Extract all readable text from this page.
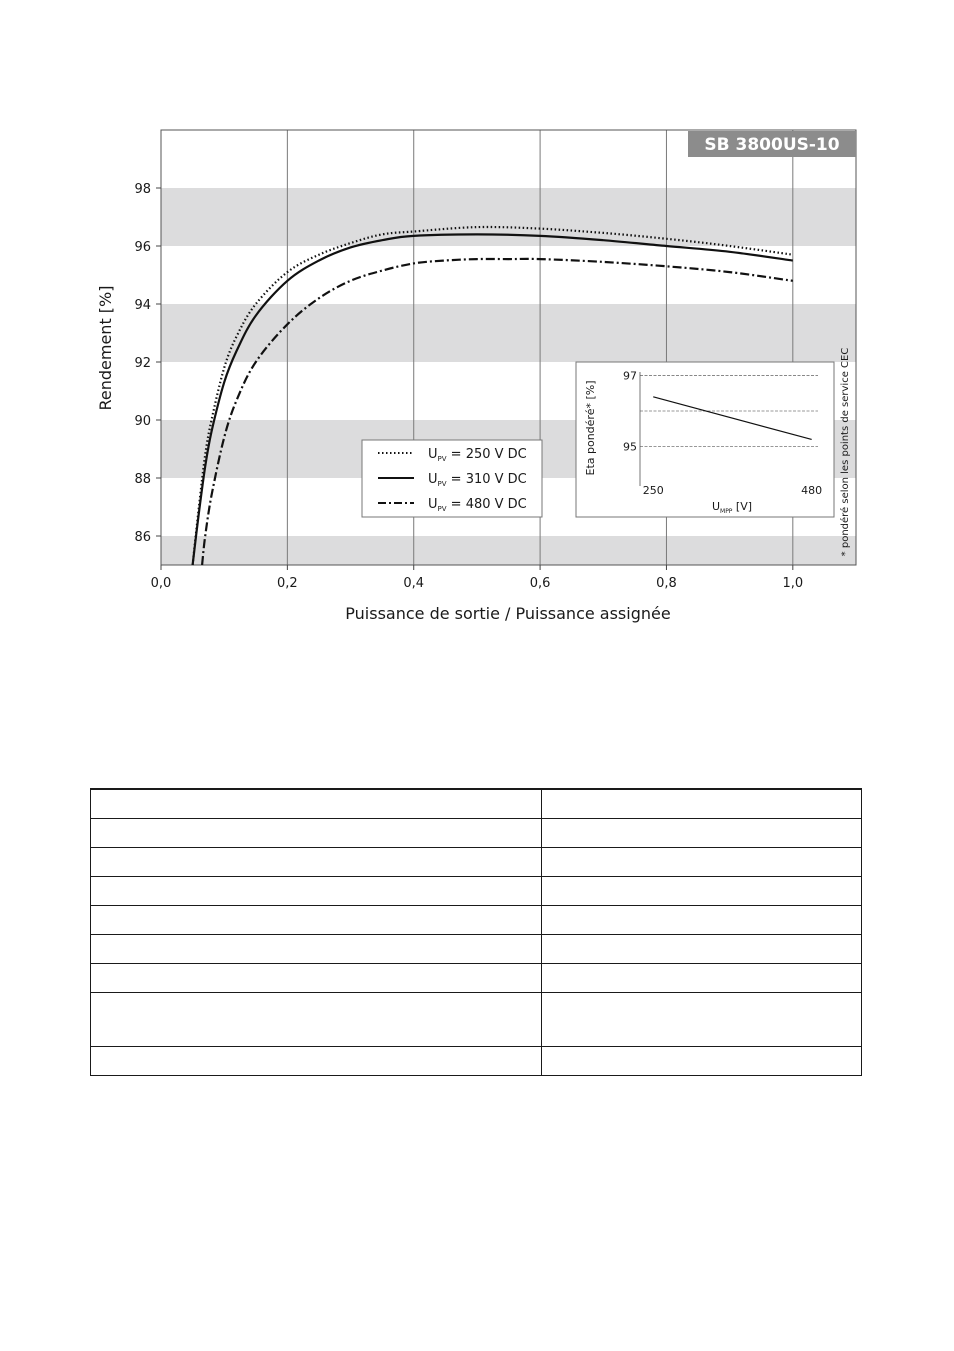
86
88
90
92
94
96
98
0,0	0,2	0,4	0,6	0,8	1,0
SB 3800US-10
Puissance de sortie / Puissance assignée
Rendement [%]
$U_{PV} = 250$ V DC
$U_{PV} = 310$ V DC
$U_{PV} = 480$ V DC
97
95
250	480
Eta pondéré* [%]
$U_{MPP}$ [V]	* pondéré selon les points de service CEC
